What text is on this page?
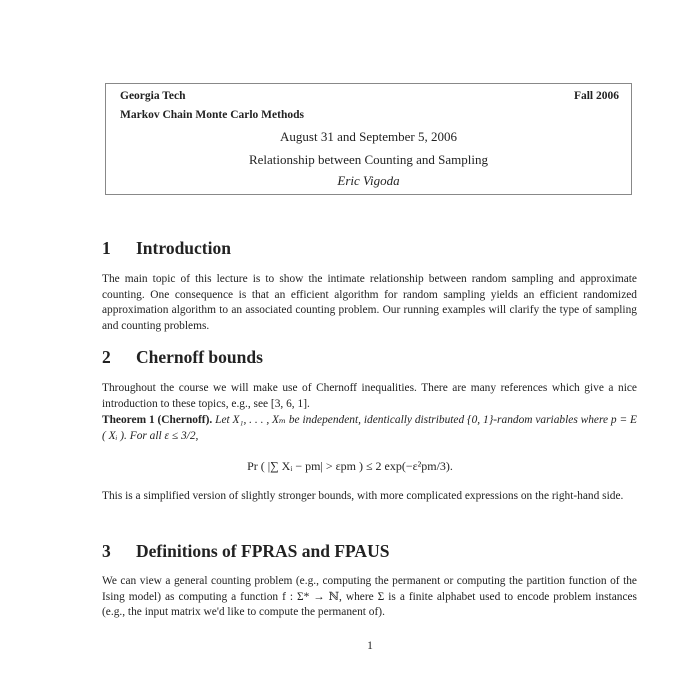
Georgia Tech	Fall 2006
Markov Chain Monte Carlo Methods
August 31 and September 5, 2006
Relationship between Counting and Sampling
Eric Vigoda
1 Introduction
The main topic of this lecture is to show the intimate relationship between random sampling and approximate counting. One consequence is that an efficient algorithm for random sampling yields an efficient randomized approximation algorithm to an associated counting problem. Our running examples will clarify the type of sampling and counting problems.
2 Chernoff bounds
Throughout the course we will make use of Chernoff inequalities. There are many references which give a nice introduction to these topics, e.g., see [3, 6, 1].
Theorem 1 (Chernoff). Let X₁, . . . , Xₘ be independent, identically distributed {0, 1}-random variables where p = E ( Xᵢ ). For all ε ≤ 3/2,
Pr ( |∑ Xᵢ − pm| > εpm ) ≤ 2 exp(−ε²pm/3).
This is a simplified version of slightly stronger bounds, with more complicated expressions on the right-hand side.
3 Definitions of FPRAS and FPAUS
We can view a general counting problem (e.g., computing the permanent or computing the partition function of the Ising model) as computing a function f : Σ* → ℕ, where Σ is a finite alphabet used to encode problem instances (e.g., the input matrix we'd like to compute the permanent of).
1
